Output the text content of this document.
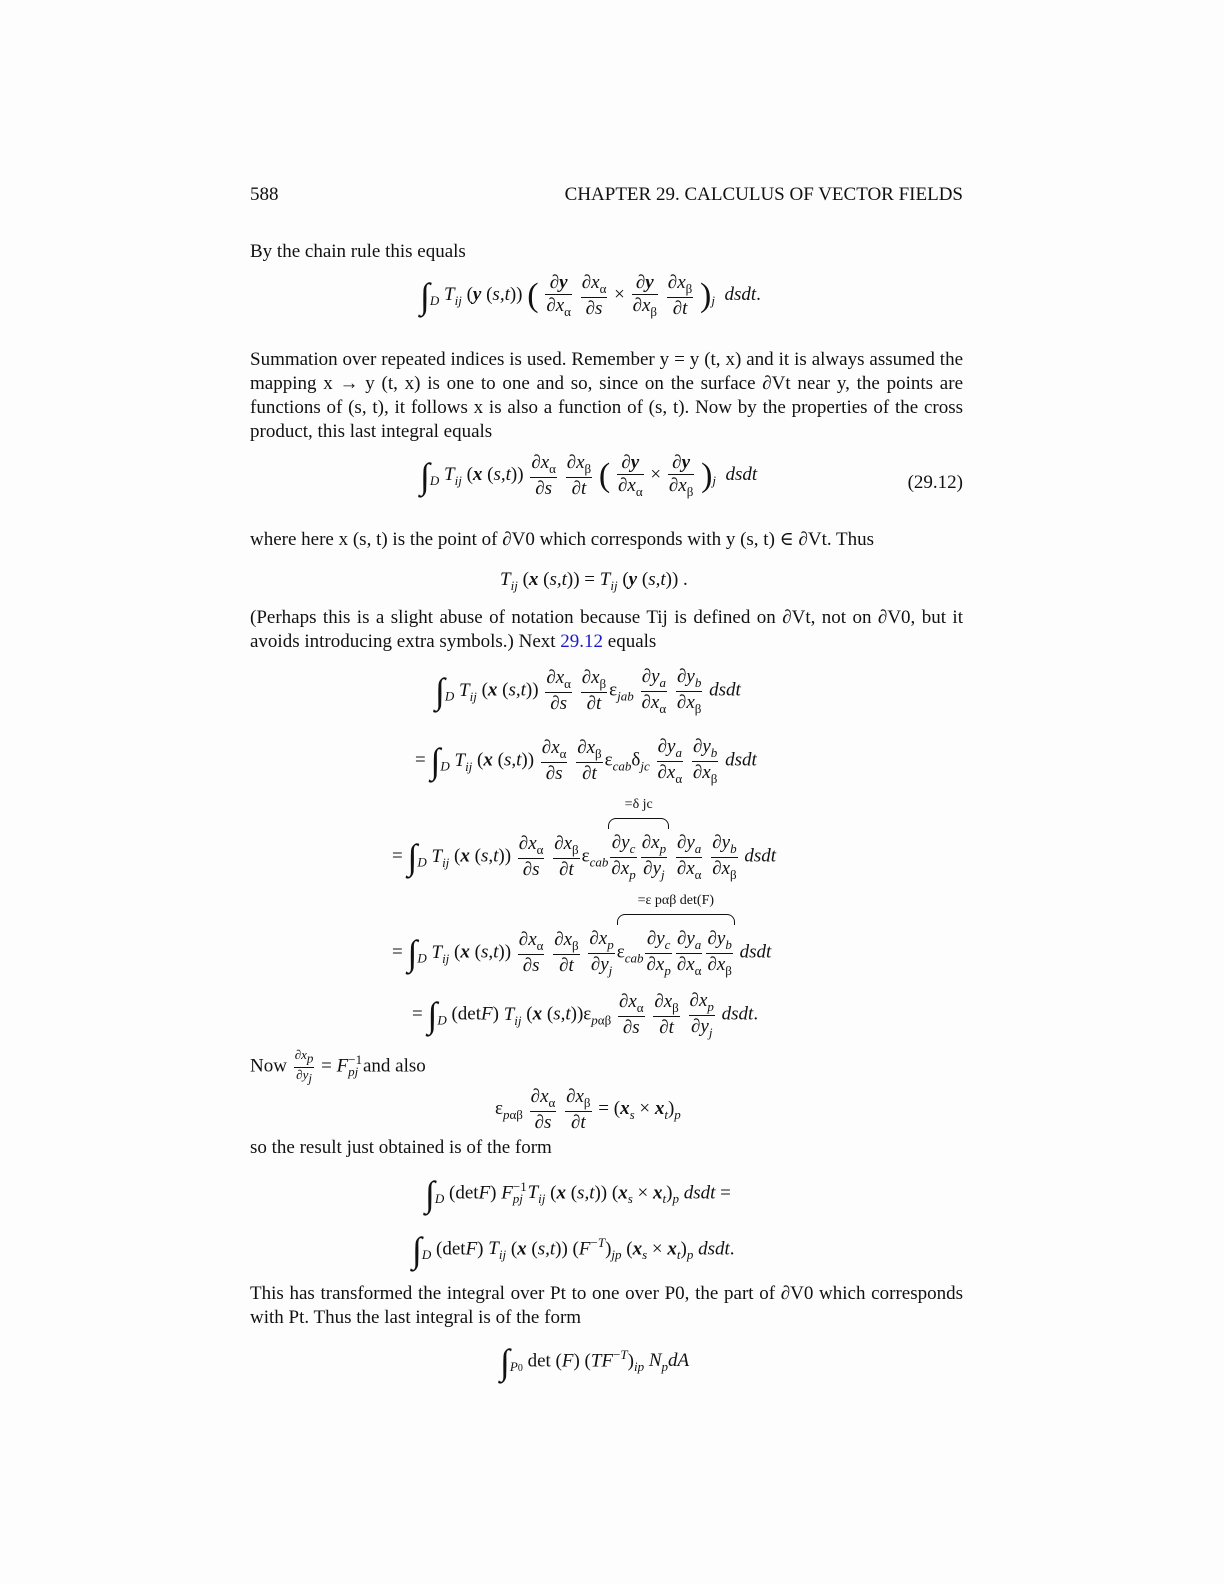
588	CHAPTER 29. CALCULUS OF VECTOR FIELDS

By the chain rule this equals

$\int_D$ $T_{ij}$ (y (s,t)) ( $\frac{\partial y}{\partial x_\alpha}$
$\frac{\partial x_\alpha}{\partial s} \times \frac{\partial y}{\partial x_\beta}$
$\frac{\partial x_\beta}{\partial t} )_j$ dsdt.

Summation over repeated indices is used. Remember y = y (t, x) and it is always assumed the mapping x → y (t, x) is one to one and so, since on the surface ∂Vt near y, the points are functions of (s, t), it follows x is also a function of (s, t). Now by the properties of the cross product, this last integral equals

$\int_D$ $T_{ij}$ (x $(s,t)) \frac{\partial x_\alpha}{\partial s}$
$\frac{\partial x_\beta}{\partial t}$ ( $\frac{\partial y}{\partial x_\alpha} \times \frac{\partial y}{\partial x_\beta} )_j$ dsdt	(29.12)

where here x (s, t) is the point of ∂V0 which corresponds with y (s, t) ∈ ∂Vt. Thus

$T_{ij}$ (x $(s,t)) = T_{ij}$ (y (s,t)) .

(Perhaps this is a slight abuse of notation because Tij is defined on ∂Vt, not on ∂V0, but it avoids introducing extra symbols.) Next 29.12 equals

$\int_D$ $T_{ij}$ (x $(s,t)) \frac{\partial x_\alpha}{\partial s}$
$\frac{\partial x_\beta}{\partial t} \varepsilon_{jab} \frac{\partial y_a}{\partial x_\alpha}$
$\frac{\partial y_b}{\partial x_\beta}$ dsdt
= $\int_D$ $T_{ij}$ (x $(s,t)) \frac{\partial x_\alpha}{\partial s}$
$\frac{\partial x_\beta}{\partial t} \varepsilon_{cab}\delta_{jc} \frac{\partial y_a}{\partial x_\alpha}$
$\frac{\partial y_b}{\partial x_\beta}$ dsdt
= $\int_D$ $T_{ij}$ (x $(s,t)) \frac{\partial x_\alpha}{\partial s}$
$\frac{\partial x_\beta}{\partial t} \varepsilon_{cab}$
=δ jc
$\frac{\partial y_c}{\partial x_p} \frac{\partial x_p}{\partial y_j}$
$\frac{\partial y_a}{\partial x_\alpha}$
$\frac{\partial y_b}{\partial x_\beta}$ dsdt
= $\int_D$ $T_{ij}$ (x $(s,t)) \frac{\partial x_\alpha}{\partial s}$
$\frac{\partial x_\beta}{\partial t}$
$\frac{\partial x_p}{\partial y_j}$
=ε pαβ det(F)
$\varepsilon_{cab} \frac{\partial y_c}{\partial x_p} \frac{\partial y_a}{\partial x_\alpha} \frac{\partial y_b}{\partial x_\beta}$ dsdt
= $\int_D$ (detF) $T_{ij}$ (x $(s,t))\varepsilon_{p\alpha\beta} \frac{\partial x_\alpha}{\partial s}$
$\frac{\partial x_\beta}{\partial t}$
$\frac{\partial x_p}{\partial y_j}$ dsdt.
Now $\frac{\partial x_p}{\partial y_j} = F^{-1}_{pj}$ and also
$\varepsilon_{p\alpha\beta} \frac{\partial x_\alpha}{\partial s}$
$\frac{\partial x_\beta}{\partial t} = (x_s \times x_t)_p$

so the result just obtained is of the form

$\int_D$ (detF) $F^{-1}_{pj}$ $T_{ij}$ (x (s,t)) $(x_s \times x_t)_p$ dsdt =
$\int_D$ (detF) $T_{ij}$ (x (s,t)) $(F^{-T})_{jp}$ $(x_s \times x_t)_p$ dsdt.

This has transformed the integral over Pt to one over P0, the part of ∂V0 which corresponds with Pt. Thus the last integral is of the form

$\int_{P0}$ det (F) $(TF^{-T})_{ip}$ $N_pdA$
